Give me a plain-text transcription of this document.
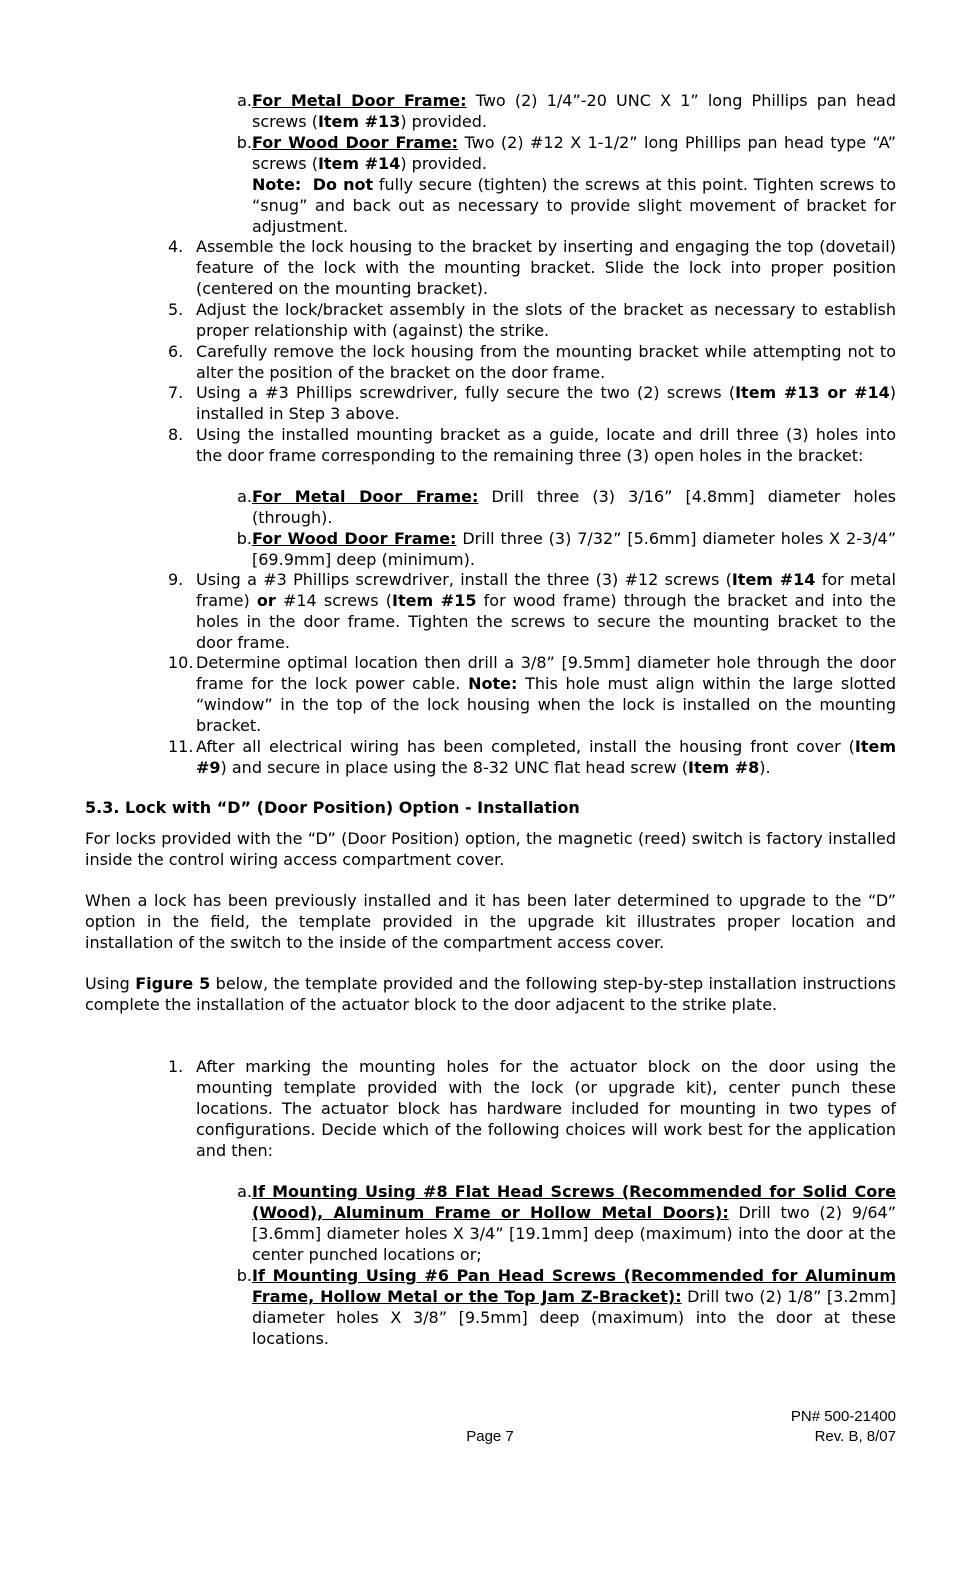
a. For Metal Door Frame: Two (2) 1/4”-20 UNC X 1” long Phillips pan head screws (Item #13) provided.
b. For Wood Door Frame: Two (2) #12 X 1-1/2” long Phillips pan head type “A” screws (Item #14) provided.
Note: Do not fully secure (tighten) the screws at this point. Tighten screws to “snug” and back out as necessary to provide slight movement of bracket for adjustment.
4. Assemble the lock housing to the bracket by inserting and engaging the top (dovetail) feature of the lock with the mounting bracket. Slide the lock into proper position (centered on the mounting bracket).
5. Adjust the lock/bracket assembly in the slots of the bracket as necessary to establish proper relationship with (against) the strike.
6. Carefully remove the lock housing from the mounting bracket while attempting not to alter the position of the bracket on the door frame.
7. Using a #3 Phillips screwdriver, fully secure the two (2) screws (Item #13 or #14) installed in Step 3 above.
8. Using the installed mounting bracket as a guide, locate and drill three (3) holes into the door frame corresponding to the remaining three (3) open holes in the bracket:
a. For Metal Door Frame: Drill three (3) 3/16” [4.8mm] diameter holes (through).
b. For Wood Door Frame: Drill three (3) 7/32” [5.6mm] diameter holes X 2-3/4” [69.9mm] deep (minimum).
9. Using a #3 Phillips screwdriver, install the three (3) #12 screws (Item #14 for metal frame) or #14 screws (Item #15 for wood frame) through the bracket and into the holes in the door frame. Tighten the screws to secure the mounting bracket to the door frame.
10. Determine optimal location then drill a 3/8” [9.5mm] diameter hole through the door frame for the lock power cable. Note: This hole must align within the large slotted “window” in the top of the lock housing when the lock is installed on the mounting bracket.
11. After all electrical wiring has been completed, install the housing front cover (Item #9) and secure in place using the 8-32 UNC flat head screw (Item #8).
5.3. Lock with “D” (Door Position) Option - Installation
For locks provided with the “D” (Door Position) option, the magnetic (reed) switch is factory installed inside the control wiring access compartment cover.
When a lock has been previously installed and it has been later determined to upgrade to the “D” option in the field, the template provided in the upgrade kit illustrates proper location and installation of the switch to the inside of the compartment access cover.
Using Figure 5 below, the template provided and the following step-by-step installation instructions complete the installation of the actuator block to the door adjacent to the strike plate.
1. After marking the mounting holes for the actuator block on the door using the mounting template provided with the lock (or upgrade kit), center punch these locations. The actuator block has hardware included for mounting in two types of configurations. Decide which of the following choices will work best for the application and then:
a. If Mounting Using #8 Flat Head Screws (Recommended for Solid Core (Wood), Aluminum Frame or Hollow Metal Doors): Drill two (2) 9/64” [3.6mm] diameter holes X 3/4” [19.1mm] deep (maximum) into the door at the center punched locations or;
b. If Mounting Using #6 Pan Head Screws (Recommended for Aluminum Frame, Hollow Metal or the Top Jam Z-Bracket): Drill two (2) 1/8” [3.2mm] diameter holes X 3/8” [9.5mm] deep (maximum) into the door at these locations.
PN# 500-21400
Page 7	Rev. B, 8/07
